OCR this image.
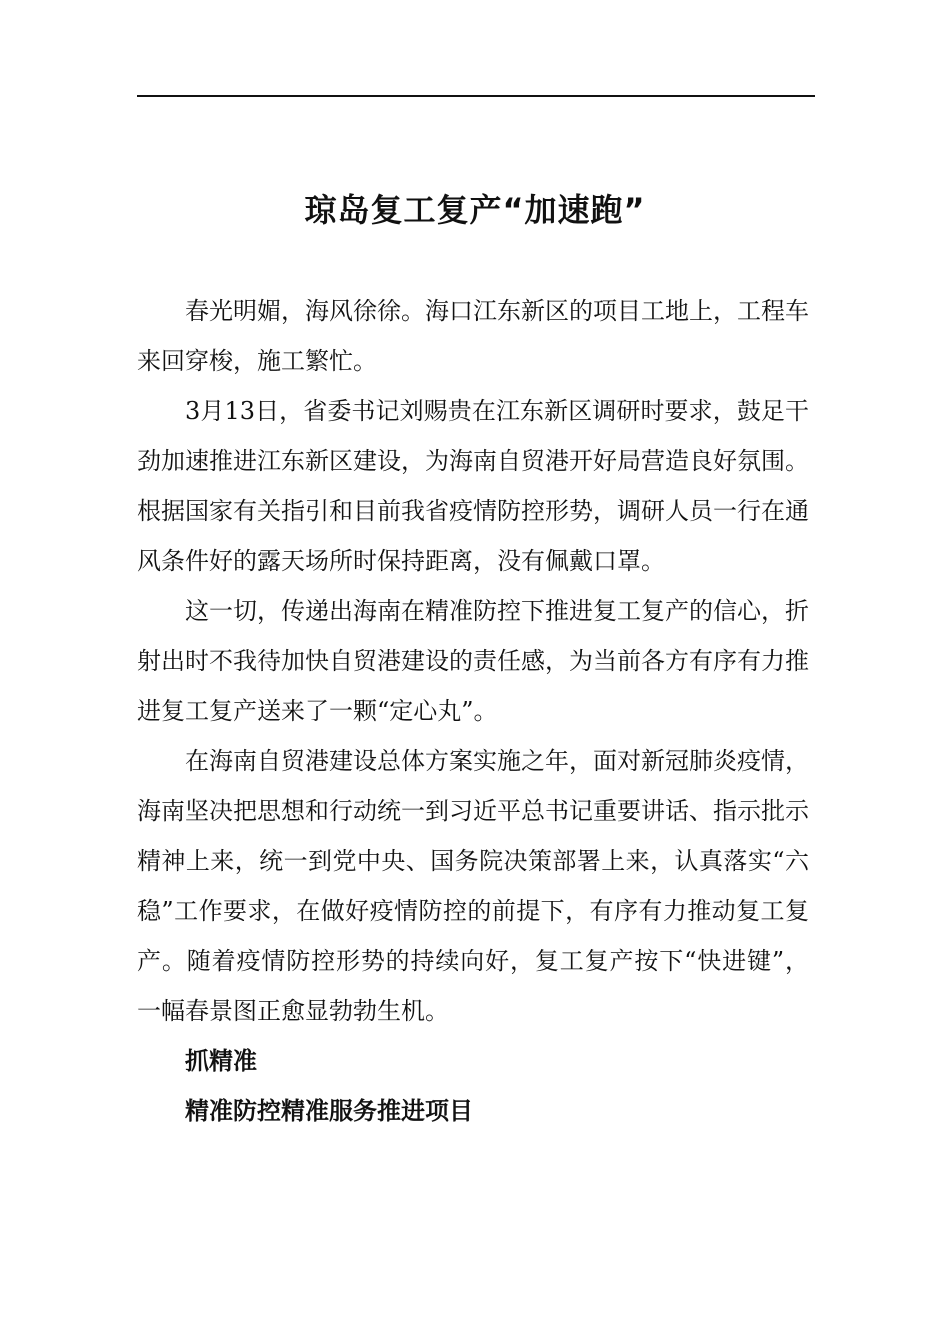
琼岛复工复产“加速跑”

春光明媚，海风徐徐。海口江东新区的项目工地上，工程车来回穿梭，施工繁忙。

3月13日，省委书记刘赐贵在江东新区调研时要求，鼓足干劲加速推进江东新区建设，为海南自贸港开好局营造良好氛围。根据国家有关指引和目前我省疫情防控形势，调研人员一行在通风条件好的露天场所时保持距离，没有佩戴口罩。

这一切，传递出海南在精准防控下推进复工复产的信心，折射出时不我待加快自贸港建设的责任感，为当前各方有序有力推进复工复产送来了一颗“定心丸”。

在海南自贸港建设总体方案实施之年，面对新冠肺炎疫情，海南坚决把思想和行动统一到习近平总书记重要讲话、指示批示精神上来，统一到党中央、国务院决策部署上来，认真落实“六稳”工作要求，在做好疫情防控的前提下，有序有力推动复工复产。随着疫情防控形势的持续向好，复工复产按下“快进键”，一幅春景图正愈显勃勃生机。

抓精准

精准防控精准服务推进项目
